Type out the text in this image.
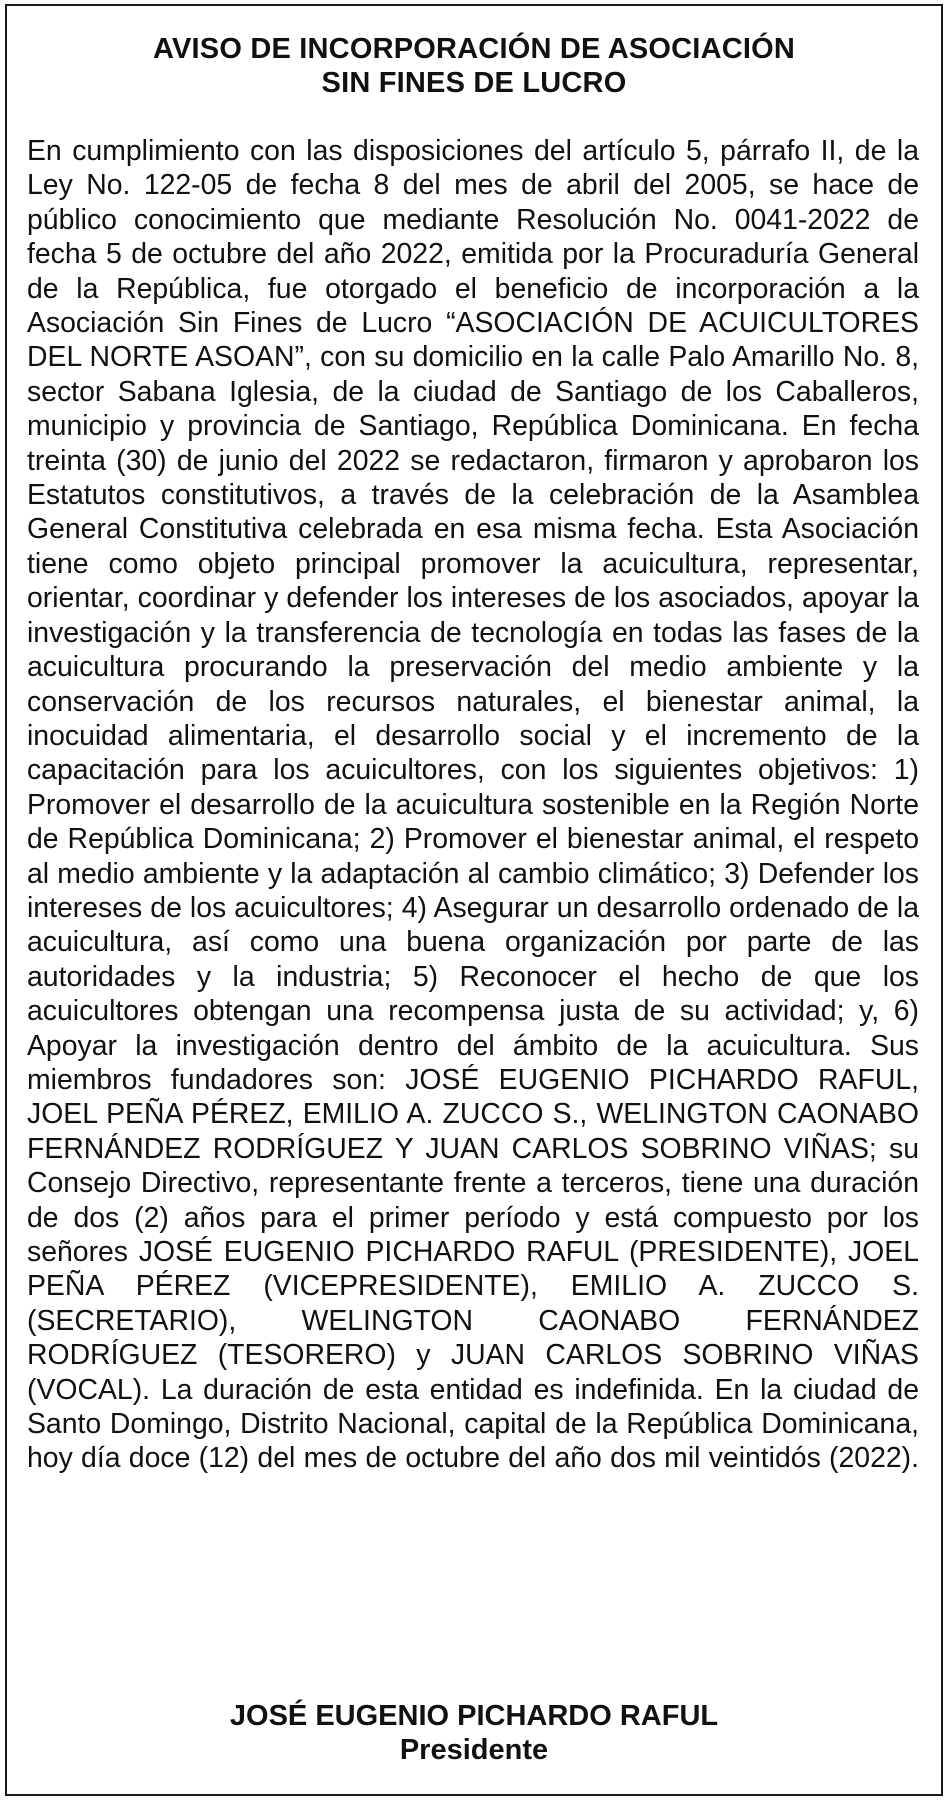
AVISO DE INCORPORACIÓN DE ASOCIACIÓN
SIN FINES DE LUCRO
En cumplimiento con las disposiciones del artículo 5, párrafo II, de la Ley No. 122-05 de fecha 8 del mes de abril del 2005, se hace de público conocimiento que mediante Resolución No. 0041-2022 de fecha 5 de octubre del año 2022, emitida por la Procuraduría General de la República, fue otorgado el beneficio de incorporación a la Asociación Sin Fines de Lucro “ASOCIACIÓN DE ACUICULTORES DEL NORTE ASOAN”, con su domicilio en la calle Palo Amarillo No. 8, sector Sabana Iglesia, de la ciudad de Santiago de los Caballeros, municipio y provincia de Santiago, República Dominicana. En fecha treinta (30) de junio del 2022 se redactaron, firmaron y aprobaron los Estatutos constitutivos, a través de la celebración de la Asamblea General Constitutiva celebrada en esa misma fecha. Esta Asociación tiene como objeto principal promover la acuicultura, representar, orientar, coordinar y defender los intereses de los asociados, apoyar la investigación y la transferencia de tecnología en todas las fases de la acuicultura procurando la preservación del medio ambiente y la conservación de los recursos naturales, el bienestar animal, la inocuidad alimentaria, el desarrollo social y el incremento de la capacitación para los acuicultores, con los siguientes objetivos: 1) Promover el desarrollo de la acuicultura sostenible en la Región Norte de República Dominicana; 2) Promover el bienestar animal, el respeto al medio ambiente y la adaptación al cambio climático; 3) Defender los intereses de los acuicultores; 4) Asegurar un desarrollo ordenado de la acuicultura, así como una buena organización por parte de las autoridades y la industria; 5) Reconocer el hecho de que los acuicultores obtengan una recompensa justa de su actividad; y, 6) Apoyar la investigación dentro del ámbito de la acuicultura. Sus miembros fundadores son: JOSÉ EUGENIO PICHARDO RAFUL, JOEL PEÑA PÉREZ, EMILIO A. ZUCCO S., WELINGTON CAONABO FERNÁNDEZ RODRÍGUEZ Y JUAN CARLOS SOBRINO VIÑAS; su Consejo Directivo, representante frente a terceros, tiene una duración de dos (2) años para el primer período y está compuesto por los señores JOSÉ EUGENIO PICHARDO RAFUL (PRESIDENTE), JOEL PEÑA PÉREZ (VICEPRESIDENTE), EMILIO A. ZUCCO S. (SECRETARIO), WELINGTON CAONABO FERNÁNDEZ RODRÍGUEZ (TESORERO) y JUAN CARLOS SOBRINO VIÑAS (VOCAL). La duración de esta entidad es indefinida. En la ciudad de Santo Domingo, Distrito Nacional, capital de la República Dominicana, hoy día doce (12) del mes de octubre del año dos mil veintidós (2022).
JOSÉ EUGENIO PICHARDO RAFUL
Presidente
